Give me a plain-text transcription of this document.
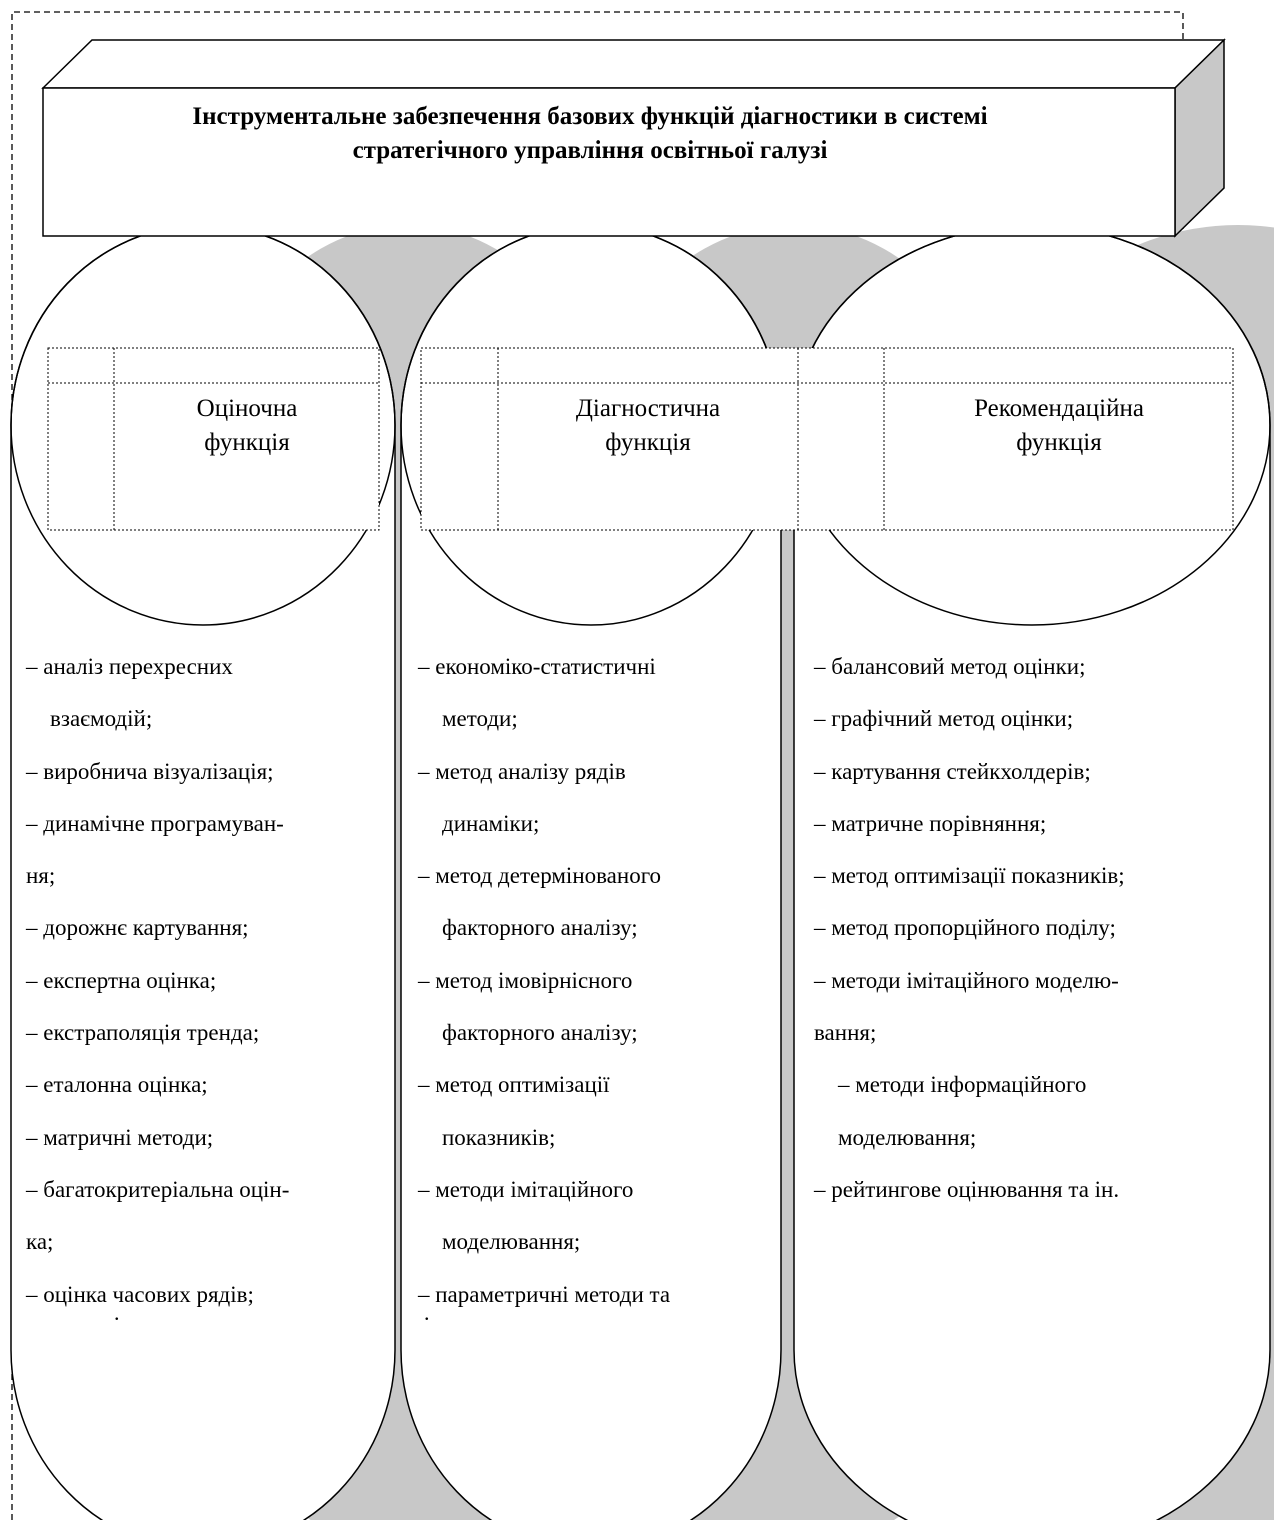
Інструментальне забезпечення базових функцій діагностики в системі
стратегічного управління освітньої галузі
Оціночна
функція
Діагностична
функція
Рекомендаційна
функція
– аналіз перехресних
взаємодій;
– виробнича візуалізація;
– динамічне програмуван-
ня;
– дорожнє картування;
– експертна оцінка;
– екстраполяція тренда;
– еталонна оцінка;
– матричні методи;
– багатокритеріальна оцін-
ка;
– оцінка часових рядів;
.
– економіко-статистичні
методи;
– метод аналізу рядів
динаміки;
– метод детермінованого
факторного аналізу;
– метод імовірнісного
факторного аналізу;
– метод оптимізації
показників;
– методи імітаційного
моделювання;
– параметричні методи та
.
– балансовий метод оцінки;
– графічний метод оцінки;
– картування стейкхолдерів;
– матричне порівняння;
– метод оптимізації показників;
– метод пропорційного поділу;
– методи імітаційного моделю-
вання;
– методи інформаційного
моделювання;
– рейтингове оцінювання та ін.
